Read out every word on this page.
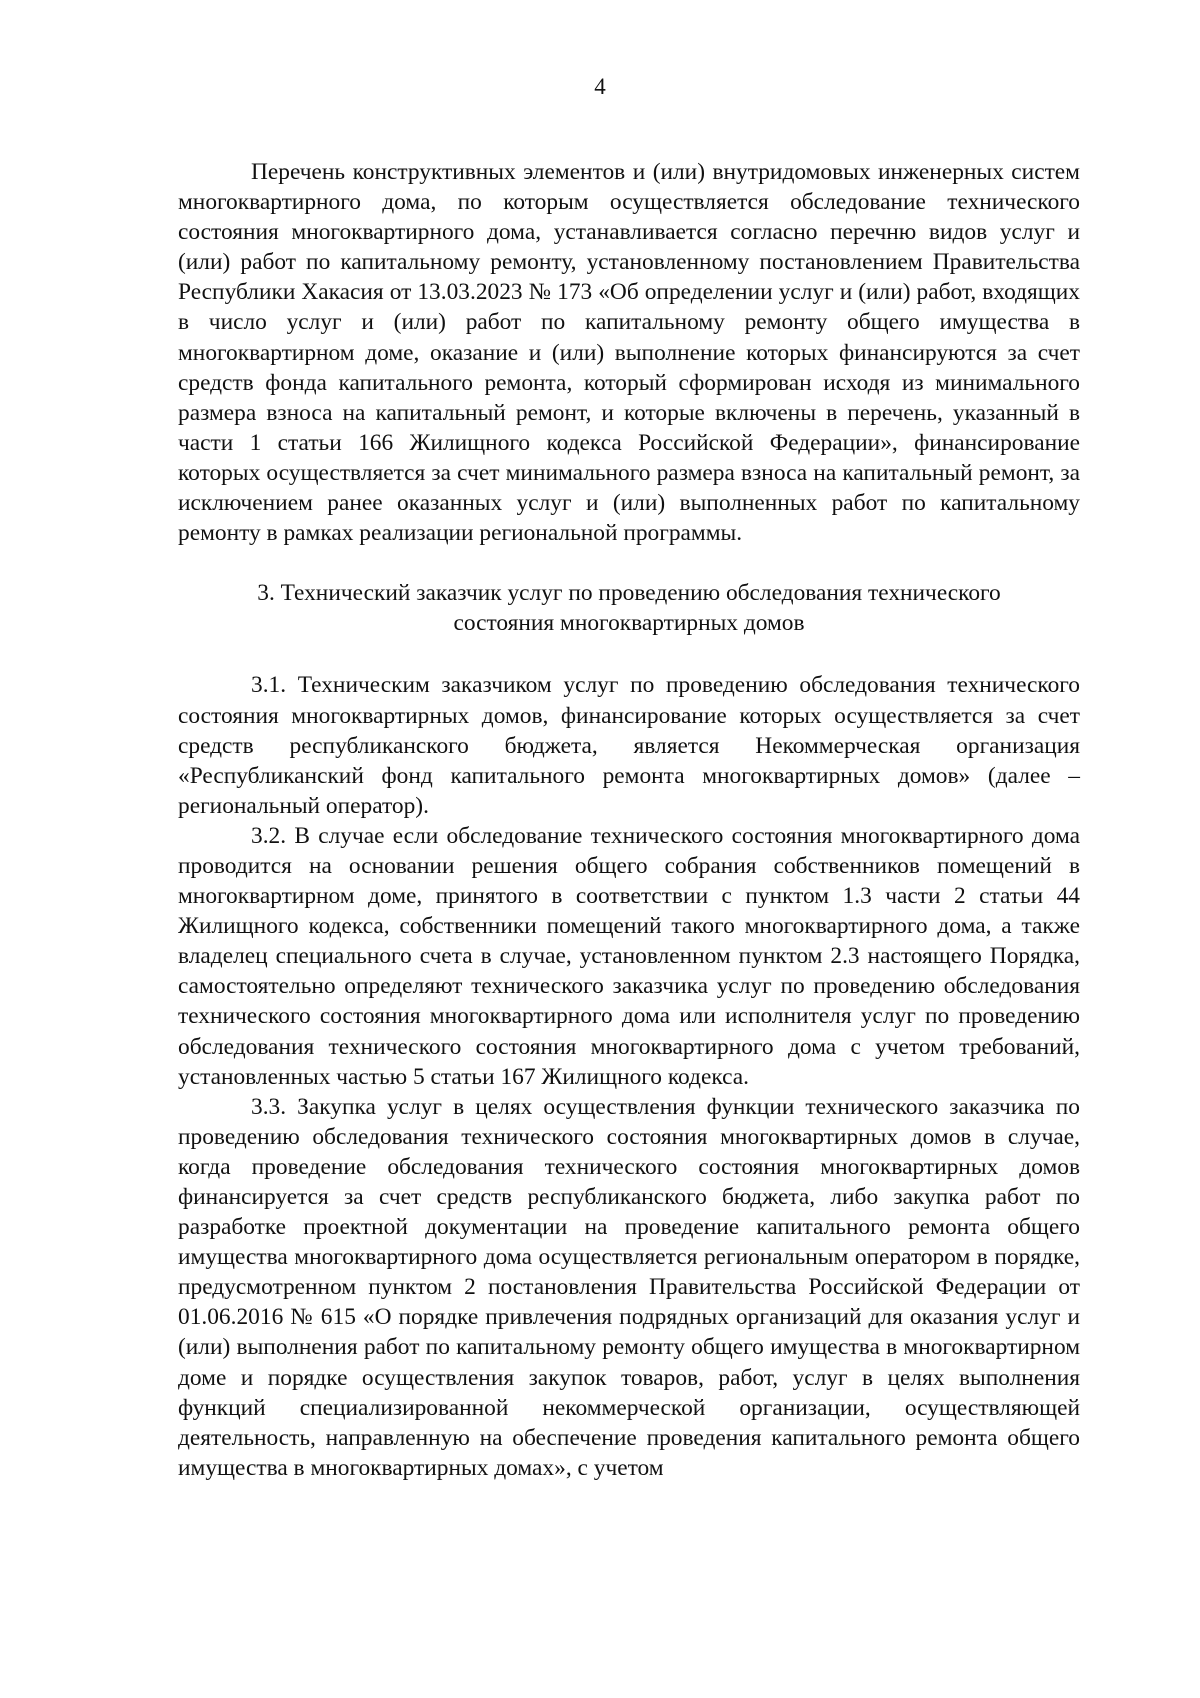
4

Перечень конструктивных элементов и (или) внутридомовых инженерных систем многоквартирного дома, по которым осуществляется обследование технического состояния многоквартирного дома, устанавливается согласно перечню видов услуг и (или) работ по капитальному ремонту, установленному постановлением Правительства Республики Хакасия от 13.03.2023 № 173 «Об определении услуг и (или) работ, входящих в число услуг и (или) работ по капитальному ремонту общего имущества в многоквартирном доме, оказание и (или) выполнение которых финансируются за счет средств фонда капитального ремонта, который сформирован исходя из минимального размера взноса на капитальный ремонт, и которые включены в перечень, указанный в части 1 статьи 166 Жилищного кодекса Российской Федерации», финансирование которых осуществляется за счет минимального размера взноса на капитальный ремонт, за исключением ранее оказанных услуг и (или) выполненных работ по капитальному ремонту в рамках реализации региональной программы.

3. Технический заказчик услуг по проведению обследования технического
состояния многоквартирных домов

3.1. Техническим заказчиком услуг по проведению обследования технического состояния многоквартирных домов, финансирование которых осуществляется за счет средств республиканского бюджета, является Некоммерческая организация «Республиканский фонд капитального ремонта многоквартирных домов» (далее – региональный оператор).

3.2. В случае если обследование технического состояния многоквартирного дома проводится на основании решения общего собрания собственников помещений в многоквартирном доме, принятого в соответствии с пунктом 1.3 части 2 статьи 44 Жилищного кодекса, собственники помещений такого многоквартирного дома, а также владелец специального счета в случае, установленном пунктом 2.3 настоящего Порядка, самостоятельно определяют технического заказчика услуг по проведению обследования технического состояния многоквартирного дома или исполнителя услуг по проведению обследования технического состояния многоквартирного дома с учетом требований, установленных частью 5 статьи 167 Жилищного кодекса.

3.3. Закупка услуг в целях осуществления функции технического заказчика по проведению обследования технического состояния многоквартирных домов в случае, когда проведение обследования технического состояния многоквартирных домов финансируется за счет средств республиканского бюджета, либо закупка работ по разработке проектной документации на проведение капитального ремонта общего имущества многоквартирного дома осуществляется региональным оператором в порядке, предусмотренном пунктом 2 постановления Правительства Российской Федерации от 01.06.2016 № 615 «О порядке привлечения подрядных организаций для оказания услуг и (или) выполнения работ по капитальному ремонту общего имущества в многоквартирном доме и порядке осуществления закупок товаров, работ, услуг в целях выполнения функций специализированной некоммерческой организации, осуществляющей деятельность, направленную на обеспечение проведения капитального ремонта общего имущества в многоквартирных домах», с учетом
